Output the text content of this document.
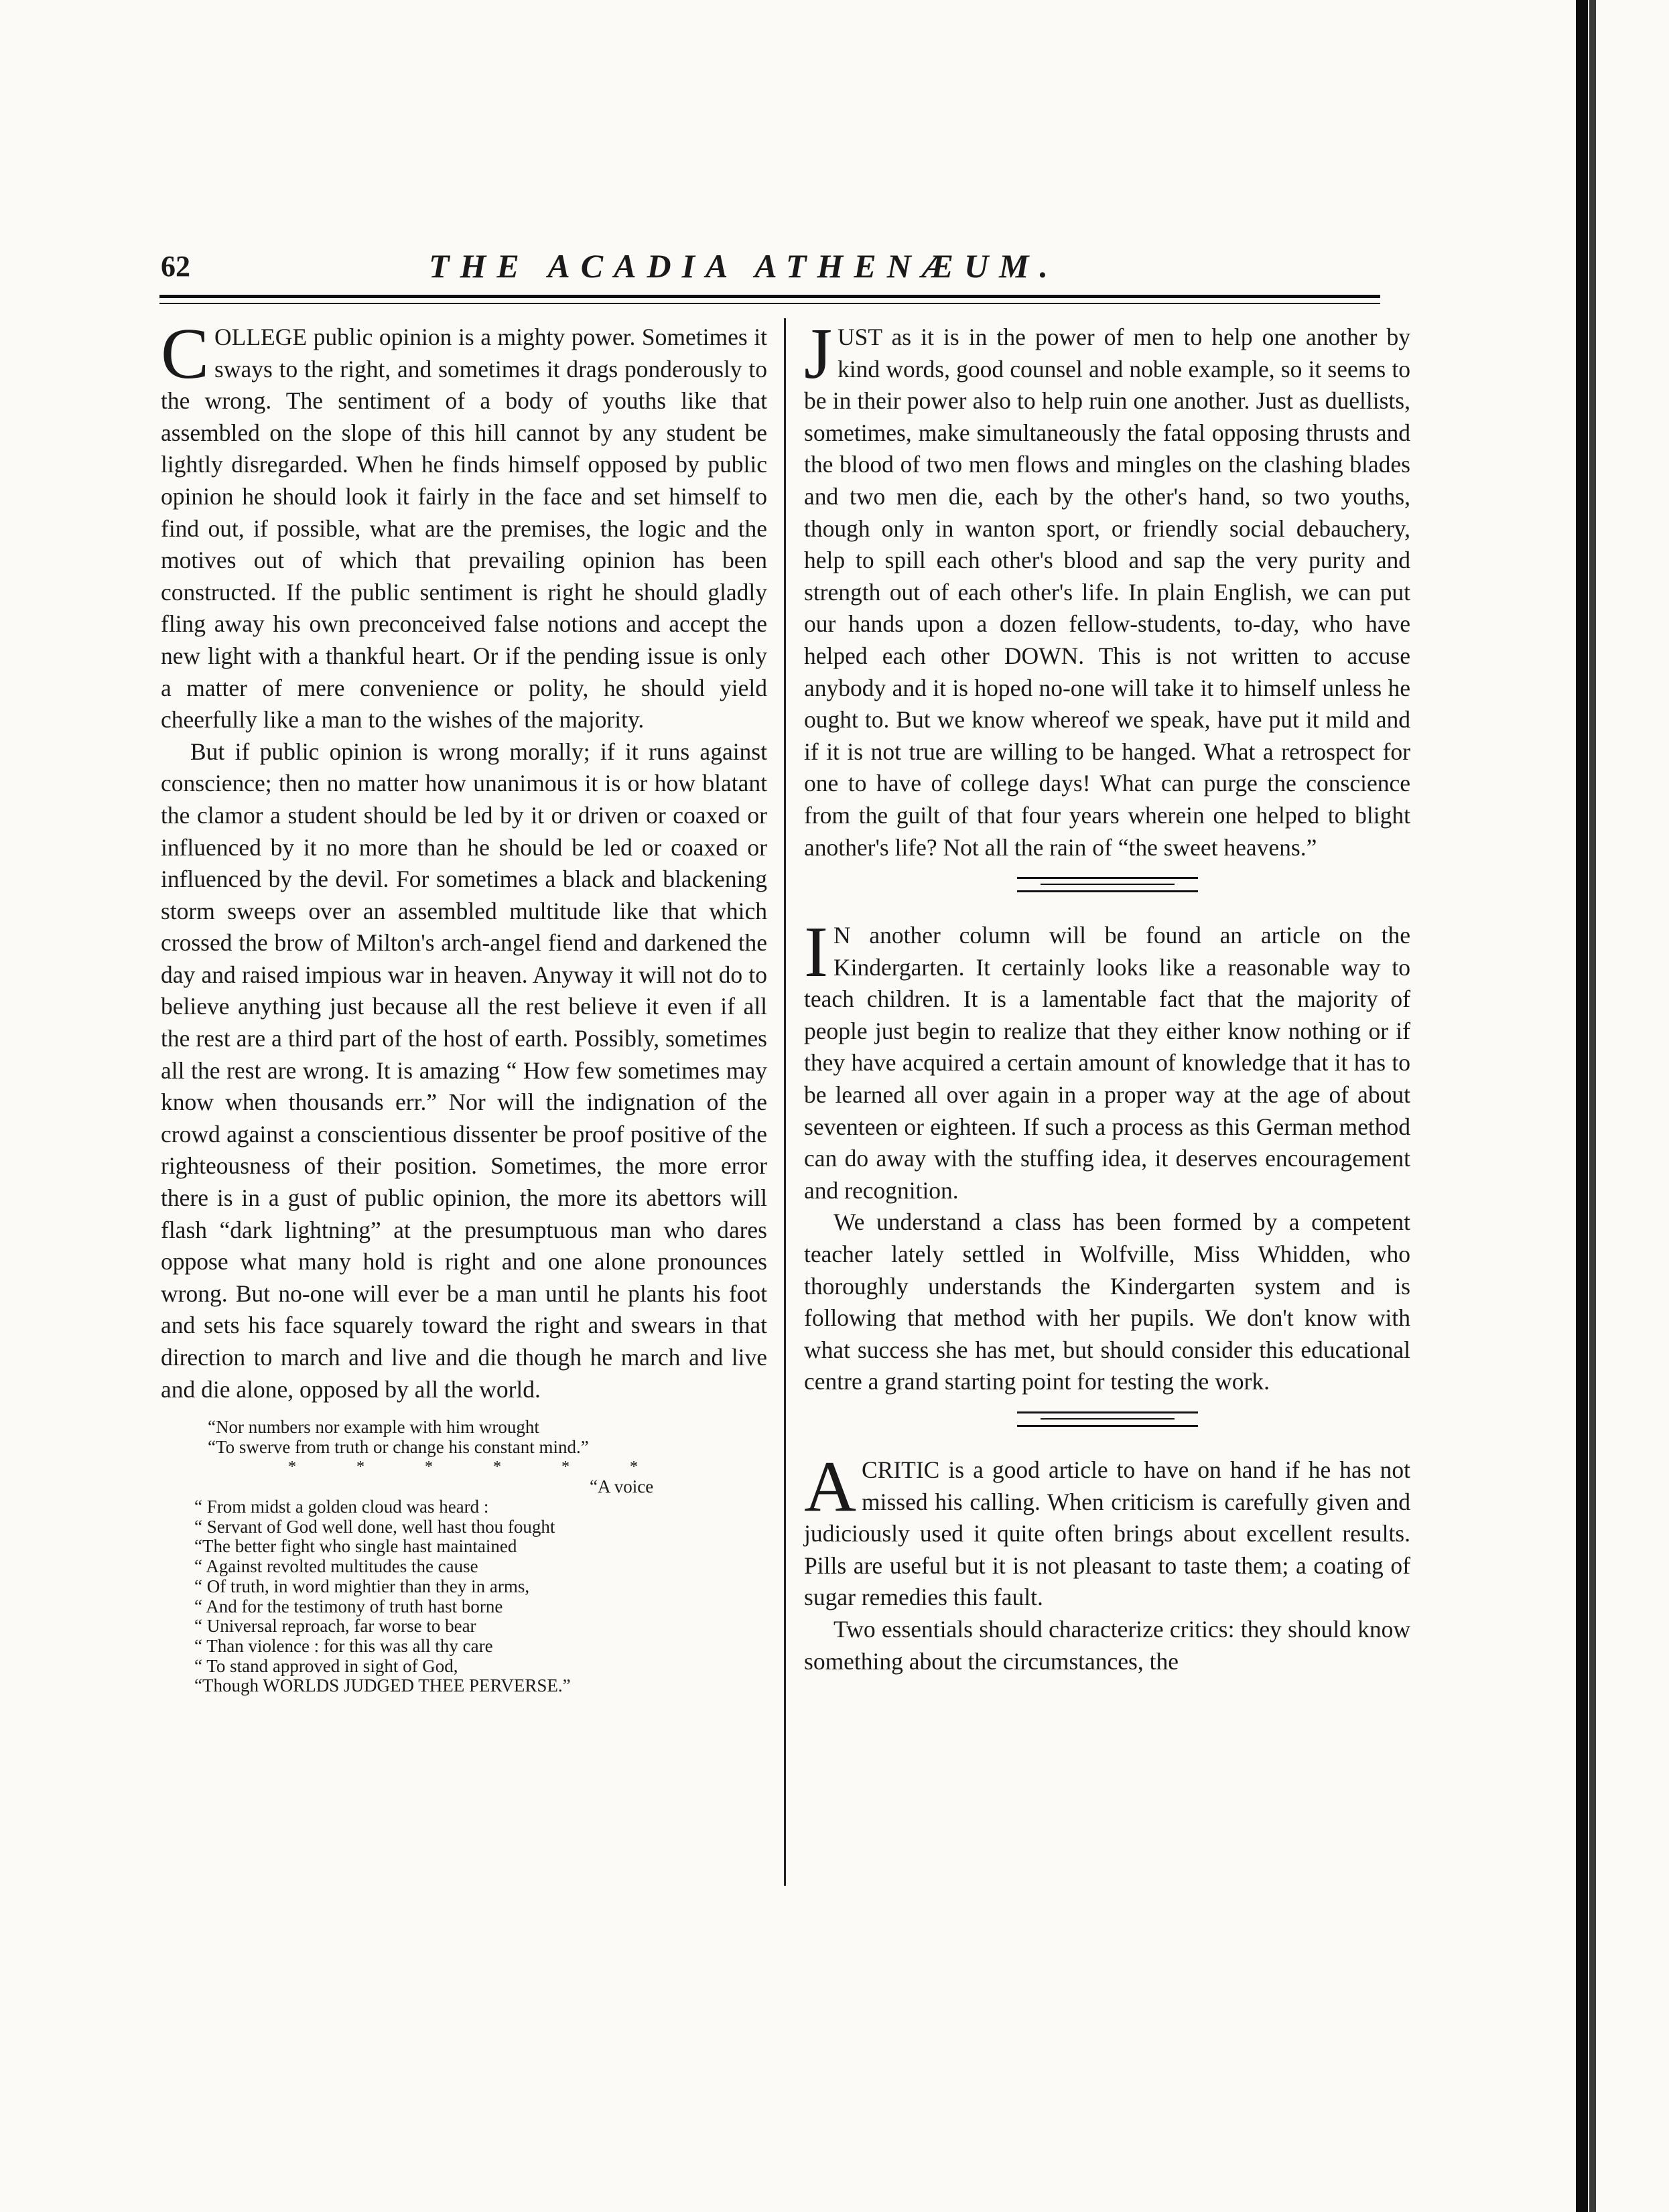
62	THE ACADIA ATHENÆUM.

C OLLEGE public opinion is a mighty power. Sometimes it sways to the right, and sometimes it drags ponderously to the wrong. The sentiment of a body of youths like that assembled on the slope of this hill cannot by any student be lightly disregarded. When he finds himself opposed by public opinion he should look it fairly in the face and set himself to find out, if possible, what are the premises, the logic and the motives out of which that prevailing opinion has been constructed. If the public sentiment is right he should gladly fling away his own preconceived false notions and accept the new light with a thankful heart. Or if the pending issue is only a matter of mere convenience or polity, he should yield cheerfully like a man to the wishes of the majority.

But if public opinion is wrong morally; if it runs against conscience; then no matter how unanimous it is or how blatant the clamor a student should be led by it or driven or coaxed or influenced by it no more than he should be led or coaxed or influenced by the devil. For sometimes a black and blackening storm sweeps over an assembled multitude like that which crossed the brow of Milton's arch-angel fiend and darkened the day and raised impious war in heaven. Anyway it will not do to believe anything just because all the rest believe it even if all the rest are a third part of the host of earth. Possibly, sometimes all the rest are wrong. It is amazing “ How few sometimes may know when thousands err.” Nor will the indignation of the crowd against a conscientious dissenter be proof positive of the righteousness of their position. Sometimes, the more error there is in a gust of public opinion, the more its abettors will flash “dark lightning” at the presumptuous man who dares oppose what many hold is right and one alone pronounces wrong. But no-one will ever be a man until he plants his foot and sets his face squarely toward the right and swears in that direction to march and live and die though he march and live and die alone, opposed by all the world.

“Nor numbers nor example with him wrought
“To swerve from truth or change his constant mind.”
* * * * * *
“A voice
“ From midst a golden cloud was heard :
“ Servant of God well done, well hast thou fought
“The better fight who single hast maintained
“ Against revolted multitudes the cause
“ Of truth, in word mightier than they in arms,
“ And for the testimony of truth hast borne
“ Universal reproach, far worse to bear
“ Than violence : for this was all thy care
“ To stand approved in sight of God,
“Though WORLDS JUDGED THEE PERVERSE.”

J UST as it is in the power of men to help one another by kind words, good counsel and noble example, so it seems to be in their power also to help ruin one another. Just as duellists, sometimes, make simultaneously the fatal opposing thrusts and the blood of two men flows and mingles on the clashing blades and two men die, each by the other's hand, so two youths, though only in wanton sport, or friendly social debauchery, help to spill each other's blood and sap the very purity and strength out of each other's life. In plain English, we can put our hands upon a dozen fellow-students, to-day, who have helped each other DOWN. This is not written to accuse anybody and it is hoped no-one will take it to himself unless he ought to. But we know whereof we speak, have put it mild and if it is not true are willing to be hanged. What a retrospect for one to have of college days! What can purge the conscience from the guilt of that four years wherein one helped to blight another's life? Not all the rain of “the sweet heavens.”

I N another column will be found an article on the Kindergarten. It certainly looks like a reasonable way to teach children. It is a lamentable fact that the majority of people just begin to realize that they either know nothing or if they have acquired a certain amount of knowledge that it has to be learned all over again in a proper way at the age of about seventeen or eighteen. If such a process as this German method can do away with the stuffing idea, it deserves encouragement and recognition.

We understand a class has been formed by a competent teacher lately settled in Wolfville, Miss Whidden, who thoroughly understands the Kindergarten system and is following that method with her pupils. We don't know with what success she has met, but should consider this educational centre a grand starting point for testing the work.

A CRITIC is a good article to have on hand if he has not missed his calling. When criticism is carefully given and judiciously used it quite often brings about excellent results. Pills are useful but it is not pleasant to taste them; a coating of sugar remedies this fault.

Two essentials should characterize critics: they should know something about the circumstances, the
